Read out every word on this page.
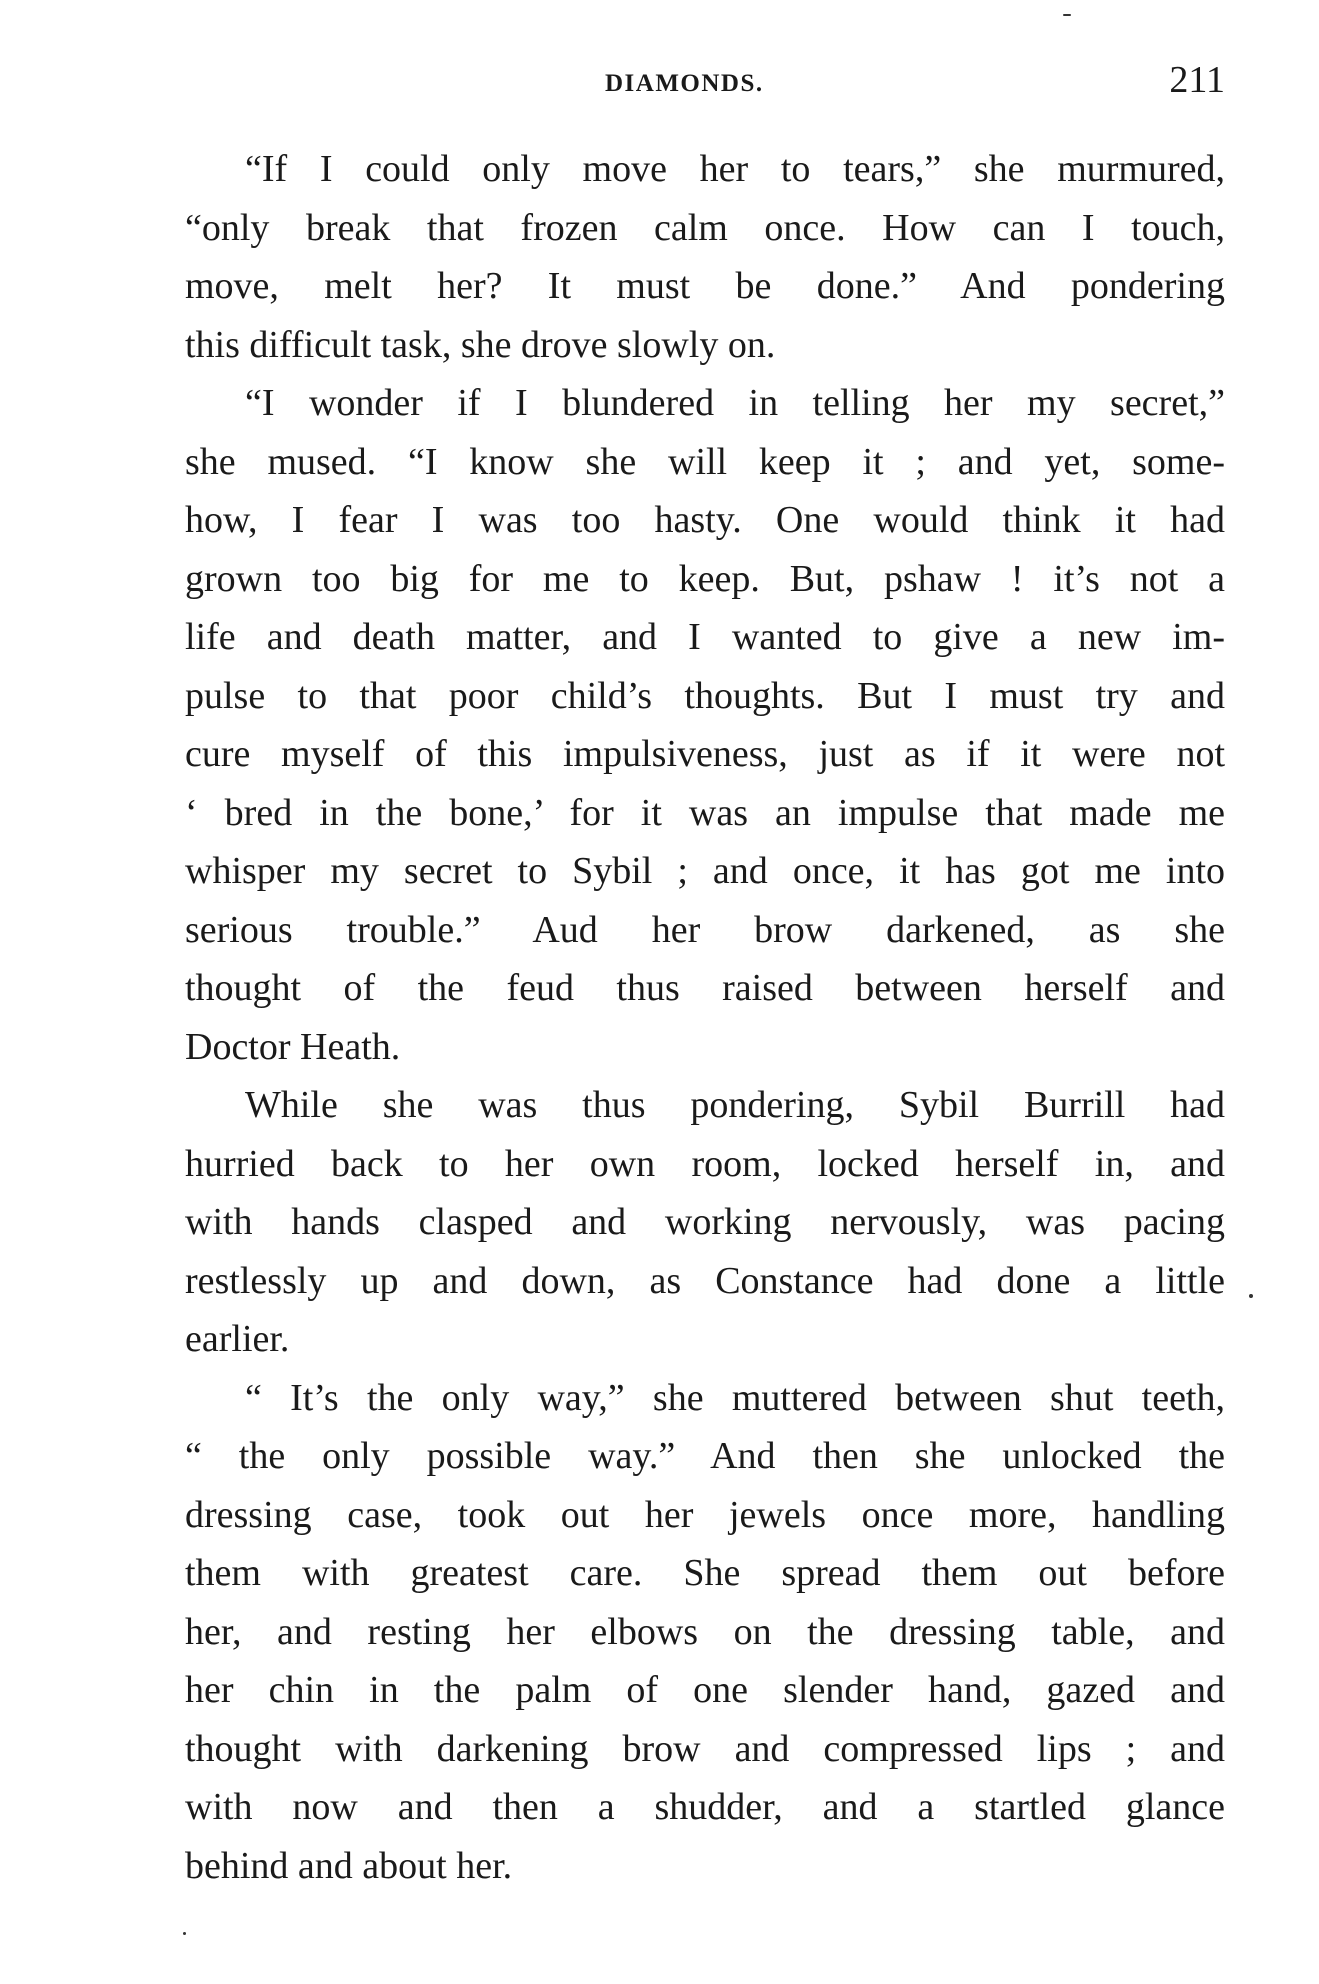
DIAMONDS.	211
“If I could only move her to tears,” she murmured,
“only break that frozen calm once. How can I touch,
move, melt her? It must be done.” And pondering
this difficult task, she drove slowly on.
“I wonder if I blundered in telling her my secret,”
she mused. “I know she will keep it ; and yet, some-
how, I fear I was too hasty. One would think it had
grown too big for me to keep. But, pshaw ! it’s not a
life and death matter, and I wanted to give a new im-
pulse to that poor child’s thoughts. But I must try and
cure myself of this impulsiveness, just as if it were not
‘ bred in the bone,’ for it was an impulse that made me
whisper my secret to Sybil ; and once, it has got me into
serious trouble.” Aud her brow darkened, as she
thought of the feud thus raised between herself and
Doctor Heath.
While she was thus pondering, Sybil Burrill had
hurried back to her own room, locked herself in, and
with hands clasped and working nervously, was pacing
restlessly up and down, as Constance had done a little
earlier.
“ It’s the only way,” she muttered between shut teeth,
“ the only possible way.” And then she unlocked the
dressing case, took out her jewels once more, handling
them with greatest care. She spread them out before
her, and resting her elbows on the dressing table, and
her chin in the palm of one slender hand, gazed and
thought with darkening brow and compressed lips ; and
with now and then a shudder, and a startled glance
behind and about her.
